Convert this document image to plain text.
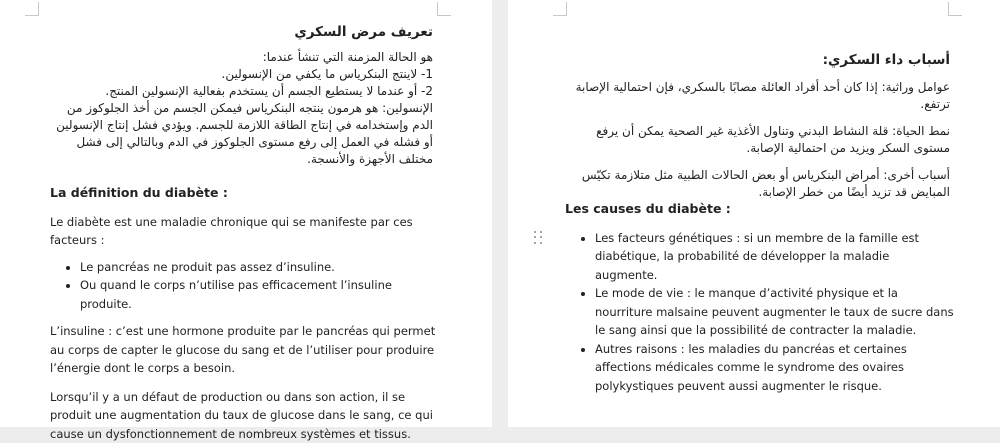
تعريف مرض السكري

هو الحالة المزمنة التي تنشأ عندما:

1- لاينتج البنكرياس ما يكفي من الإنسولين.

2- أو عندما لا يستطيع الجسم أن يستخدم بفعالية الإنسولين المنتج.

الإنسولين: هو هرمون ينتجه البنكرياس فيمكن الجسم من أخذ الجلوكوز من الدم وإستخدامه في إنتاج الطاقة اللازمة للجسم. ويؤدي فشل إنتاج الإنسولين أو فشله في العمل إلى رفع مستوى الجلوكوز في الدم وبالتالي إلى فشل مختلف الأجهزة والأنسجة.

La définition du diabète :

Le diabète est une maladie chronique qui se manifeste par ces facteurs :

• Le pancréas ne produit pas assez d’insuline.
• Ou quand le corps n’utilise pas efficacement l’insuline produite.

L’insuline : c’est une hormone produite par le pancréas qui permet au corps de capter le glucose du sang et de l’utiliser pour produire l’énergie dont le corps a besoin.

Lorsqu’il y a un défaut de production ou dans son action, il se produit une augmentation du taux de glucose dans le sang, ce qui cause un dysfonctionnement de nombreux systèmes et tissus.

أسباب داء السكري:

عوامل وراثية: إذا كان أحد أفراد العائلة مصابًا بالسكري، فإن احتمالية الإصابة ترتفع.

نمط الحياة: قلة النشاط البدني وتناول الأغذية غير الصحية يمكن أن يرفع مستوى السكر ويزيد من احتمالية الإصابة.

أسباب أخرى: أمراض البنكرياس أو بعض الحالات الطبية مثل متلازمة تكيّس المبايض قد تزيد أيضًا من خطر الإصابة.

Les causes du diabète :

• Les facteurs génétiques : si un membre de la famille est diabétique, la probabilité de développer la maladie augmente.
• Le mode de vie : le manque d’activité physique et la nourriture malsaine peuvent augmenter le taux de sucre dans le sang ainsi que la possibilité de contracter la maladie.
• Autres raisons : les maladies du pancréas et certaines affections médicales comme le syndrome des ovaires polykystiques peuvent aussi augmenter le risque.
